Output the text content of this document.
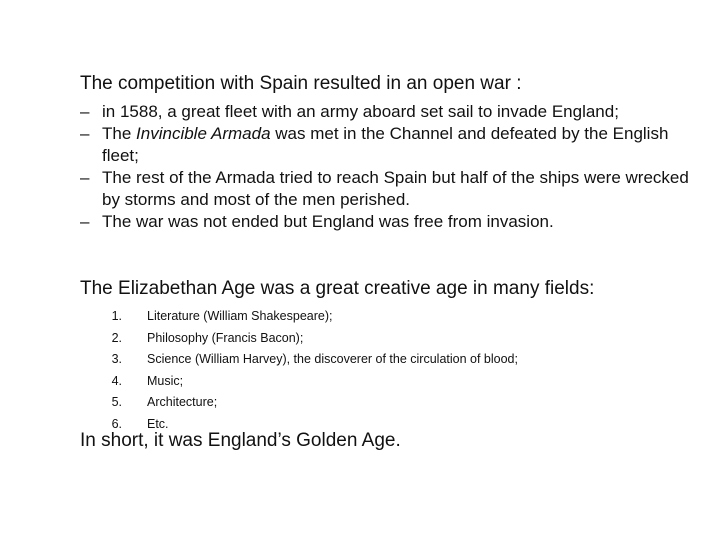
The competition with Spain resulted in an open war :
– in 1588, a great fleet with an army aboard set sail to invade England;
– The Invincible Armada was met in the Channel and defeated by the English fleet;
– The rest of the Armada tried to reach Spain but half of the ships were wrecked by storms and most of the men perished.
– The war was not ended but England was free from invasion.
The Elizabethan Age was a great creative age in many fields:
1. Literature (William Shakespeare);
2. Philosophy (Francis Bacon);
3. Science (William Harvey), the discoverer of the circulation of blood;
4. Music;
5. Architecture;
6. Etc.
In short, it was England’s Golden Age.
